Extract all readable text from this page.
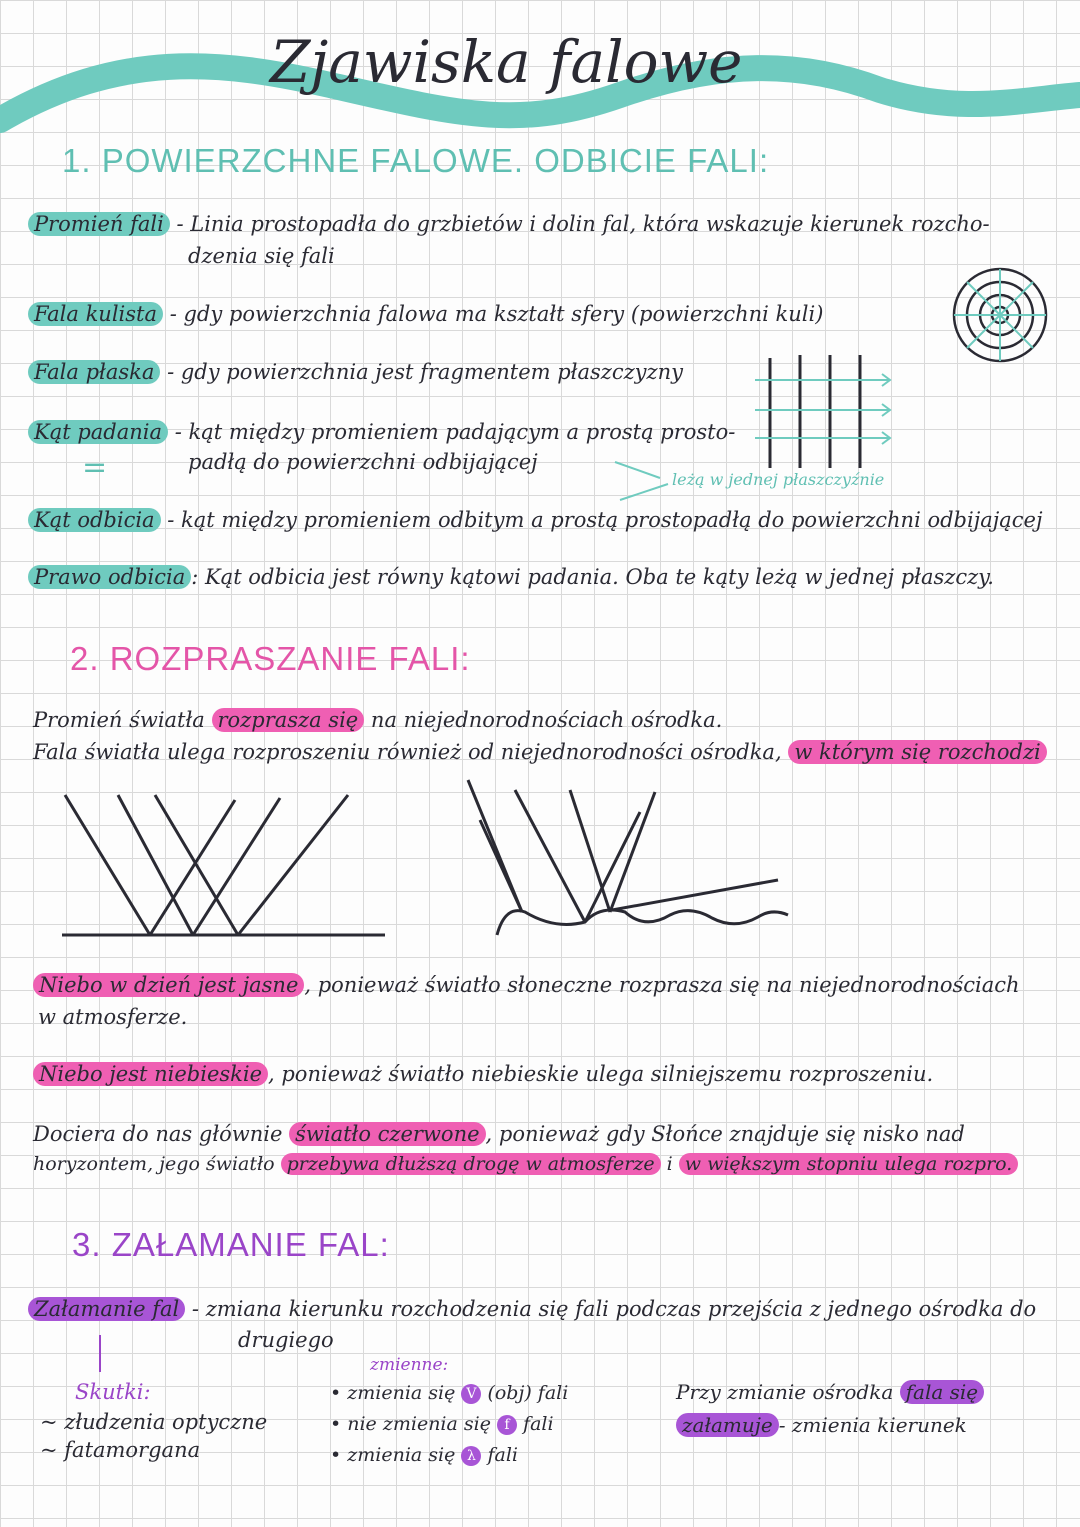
Zjawiska falowe
1. POWIERZCHNE FALOWE. ODBICIE FALI:
Promień fali - Linia prostopadła do grzbietów i dolin fal, która wskazuje kierunek rozcho-
dzenia się fali
Fala kulista - gdy powierzchnia falowa ma kształt sfery (powierzchni kuli)
Fala płaska - gdy powierzchnia jest fragmentem płaszczyzny
Kąt padania - kąt między promieniem padającym a prostą prosto-
padłą do powierzchni odbijającej
=	leżą w jednej płaszczyźnie
Kąt odbicia - kąt między promieniem odbitym a prostą prostopadłą do powierzchni odbijającej
Prawo odbicia : Kąt odbicia jest równy kątowi padania. Oba te kąty leżą w jednej płaszczy.
2. ROZPRASZANIE FALI:
Promień światła rozprasza się na niejednorodnościach ośrodka.
Fala światła ulega rozproszeniu również od niejednorodności ośrodka, w którym się rozchodzi
Niebo w dzień jest jasne , ponieważ światło słoneczne rozprasza się na niejednorodnościach
w atmosferze.
Niebo jest niebieskie , ponieważ światło niebieskie ulega silniejszemu rozproszeniu.
Dociera do nas głównie światło czerwone , ponieważ gdy Słońce znajduje się nisko nad
horyzontem, jego światło przebywa dłuższą drogę w atmosferze i w większym stopniu ulega rozpro.
3. ZAŁAMANIE FAL:
Załamanie fal - zmiana kierunku rozchodzenia się fali podczas przejścia z jednego ośrodka do
drugiego
Skutki:
~ złudzenia optyczne
~ fatamorgana
zmienne:
• zmienia się V (obj) fali
• nie zmienia się f fali
• zmienia się λ fali
Przy zmianie ośrodka fala się
załamuje - zmienia kierunek
